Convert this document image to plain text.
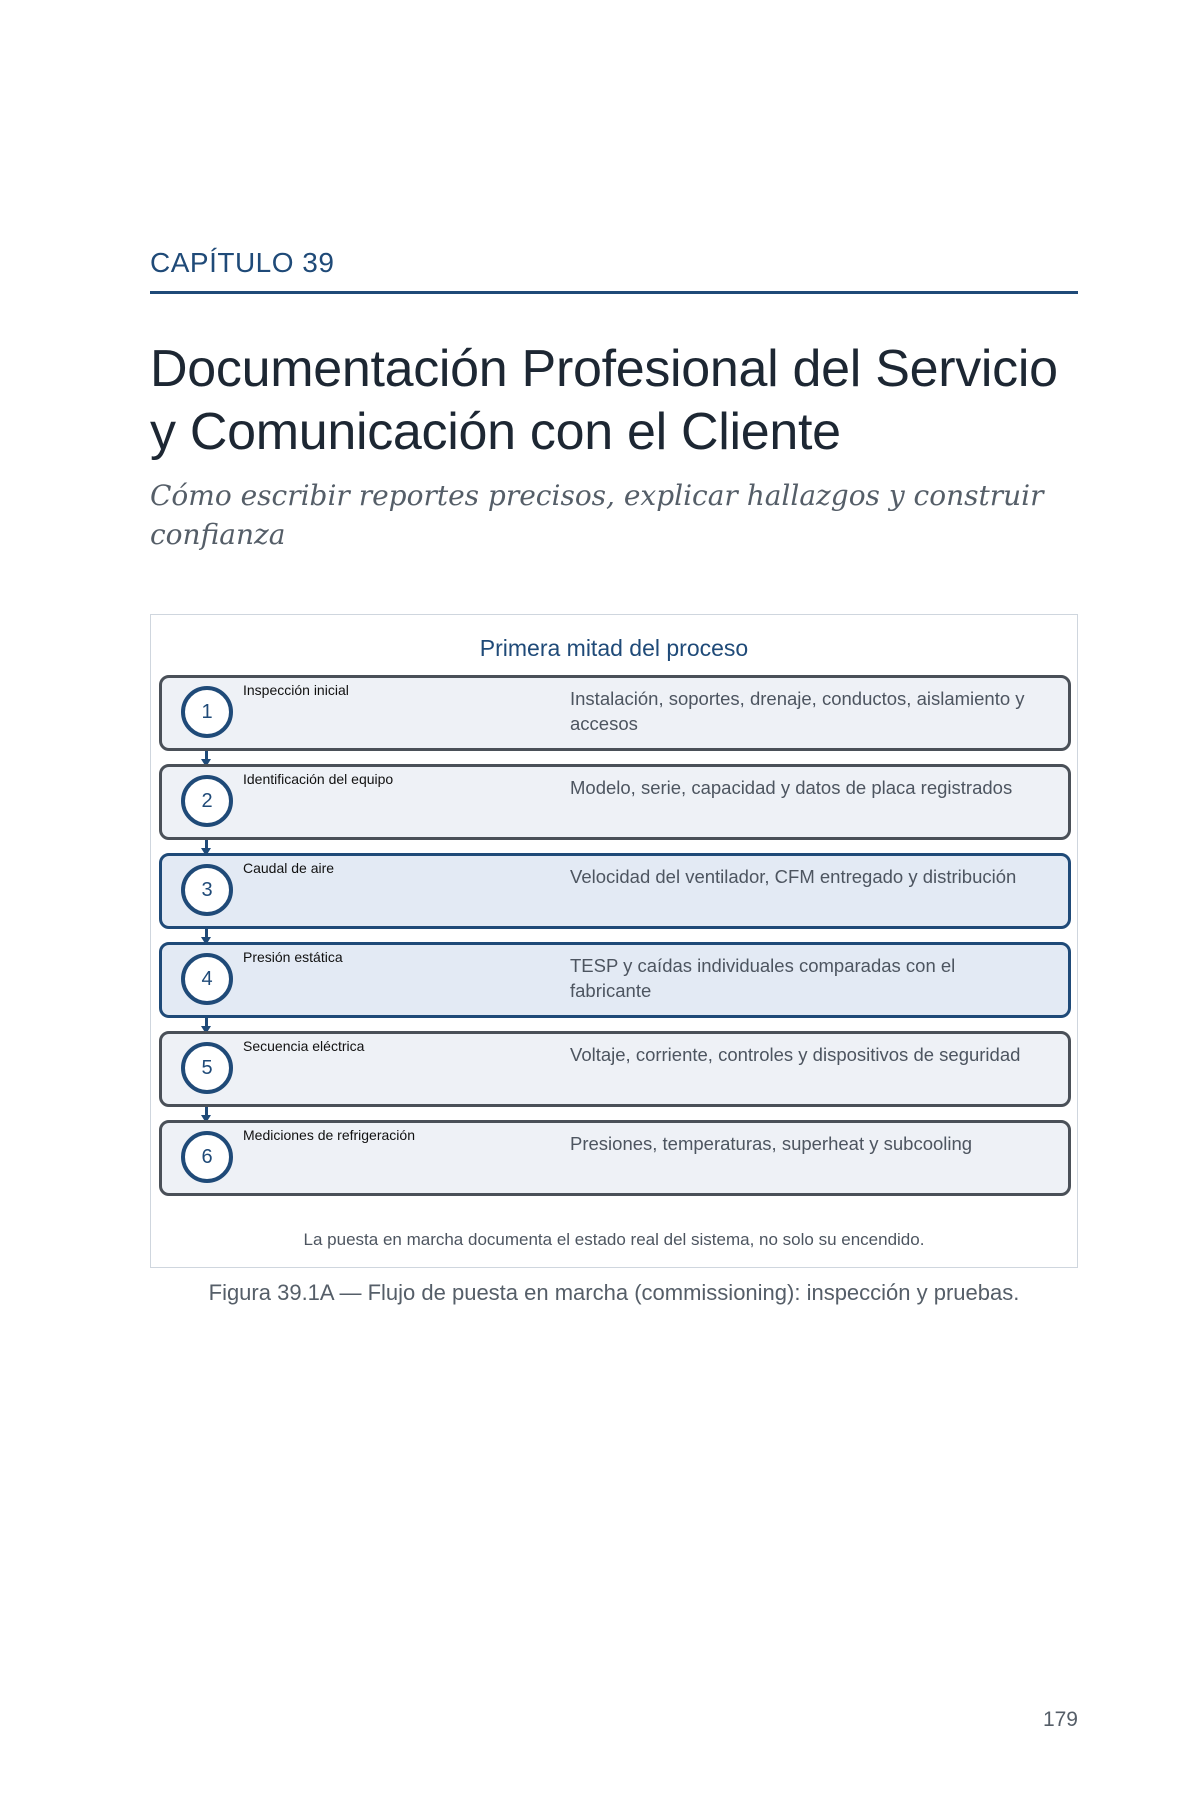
CAPÍTULO 39
Documentación Profesional del Servicio y Comunicación con el Cliente

Cómo escribir reportes precisos, explicar hallazgos y construir confianza

Primera mitad del proceso
1
Inspección inicial	Instalación, soportes, drenaje, conductos, aislamiento y accesos
2
Identificación del equipo	Modelo, serie, capacidad y datos de placa registrados
3
Caudal de aire	Velocidad del ventilador, CFM entregado y distribución
4
Presión estática	TESP y caídas individuales comparadas con el fabricante
5
Secuencia eléctrica	Voltaje, corriente, controles y dispositivos de seguridad
6
Mediciones de refrigeración	Presiones, temperaturas, superheat y subcooling
La puesta en marcha documenta el estado real del sistema, no solo su encendido.
Figura 39.1A — Flujo de puesta en marcha (commissioning): inspección y pruebas.
179
